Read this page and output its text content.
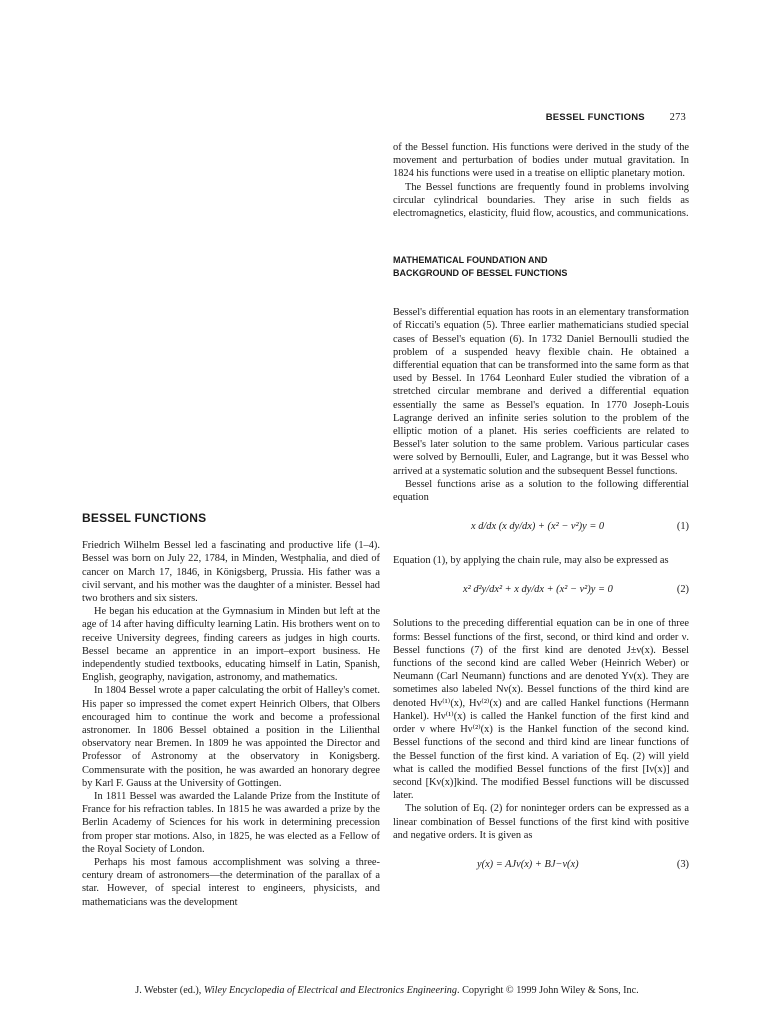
BESSEL FUNCTIONS 273
BESSEL FUNCTIONS

Friedrich Wilhelm Bessel led a fascinating and productive life (1–4). Bessel was born on July 22, 1784, in Minden, Westphalia, and died of cancer on March 17, 1846, in Königsberg, Prussia. His father was a civil servant, and his mother was the daughter of a minister. Bessel had two brothers and six sisters.

He began his education at the Gymnasium in Minden but left at the age of 14 after having difficulty learning Latin. His brothers went on to receive University degrees, finding careers as judges in high courts. Bessel became an apprentice in an import–export business. He independently studied textbooks, educating himself in Latin, Spanish, English, geography, navigation, astronomy, and mathematics.

In 1804 Bessel wrote a paper calculating the orbit of Halley's comet. His paper so impressed the comet expert Heinrich Olbers, that Olbers encouraged him to continue the work and become a professional astronomer. In 1806 Bessel obtained a position in the Lilienthal observatory near Bremen. In 1809 he was appointed the Director and Professor of Astronomy at the observatory in Konigsberg. Commensurate with the position, he was awarded an honorary degree by Karl F. Gauss at the University of Gottingen.

In 1811 Bessel was awarded the Lalande Prize from the Institute of France for his refraction tables. In 1815 he was awarded a prize by the Berlin Academy of Sciences for his work in determining precession from proper star motions. Also, in 1825, he was elected as a Fellow of the Royal Society of London.

Perhaps his most famous accomplishment was solving a three-century dream of astronomers—the determination of the parallax of a star. However, of special interest to engineers, physicists, and mathematicians was the development

of the Bessel function. His functions were derived in the study of the movement and perturbation of bodies under mutual gravitation. In 1824 his functions were used in a treatise on elliptic planetary motion.

The Bessel functions are frequently found in problems involving circular cylindrical boundaries. They arise in such fields as electromagnetics, elasticity, fluid flow, acoustics, and communications.

MATHEMATICAL FOUNDATION AND
BACKGROUND OF BESSEL FUNCTIONS

Bessel's differential equation has roots in an elementary transformation of Riccati's equation (5). Three earlier mathematicians studied special cases of Bessel's equation (6). In 1732 Daniel Bernoulli studied the problem of a suspended heavy flexible chain. He obtained a differential equation that can be transformed into the same form as that used by Bessel. In 1764 Leonhard Euler studied the vibration of a stretched circular membrane and derived a differential equation essentially the same as Bessel's equation. In 1770 Joseph-Louis Lagrange derived an infinite series solution to the problem of the elliptic motion of a planet. His series coefficients are related to Bessel's later solution to the same problem. Various particular cases were solved by Bernoulli, Euler, and Lagrange, but it was Bessel who arrived at a systematic solution and the subsequent Bessel functions.

Bessel functions arise as a solution to the following differential equation

x d/dx (x dy/dx) + (x² − ν²)y = 0	(1)

Equation (1), by applying the chain rule, may also be expressed as

x² d²y/dx² + x dy/dx + (x² − ν²)y = 0	(2)

Solutions to the preceding differential equation can be in one of three forms: Bessel functions of the first, second, or third kind and order ν. Bessel functions (7) of the first kind are denoted J±ν(x). Bessel functions of the second kind are called Weber (Heinrich Weber) or Neumann (Carl Neumann) functions and are denoted Yν(x). They are sometimes also labeled Nν(x). Bessel functions of the third kind are denoted Hν⁽¹⁾(x), Hν⁽²⁾(x) and are called Hankel functions (Hermann Hankel). Hν⁽¹⁾(x) is called the Hankel function of the first kind and order ν where Hν⁽²⁾(x) is the Hankel function of the second kind. Bessel functions of the second and third kind are linear functions of the Bessel function of the first kind. A variation of Eq. (2) will yield what is called the modified Bessel functions of the first [Iν(x)] and second [Kν(x)]kind. The modified Bessel functions will be discussed later.

The solution of Eq. (2) for noninteger orders can be expressed as a linear combination of Bessel functions of the first kind with positive and negative orders. It is given as

y(x) = AJν(x) + BJ−ν(x)	(3)
J. Webster (ed.), Wiley Encyclopedia of Electrical and Electronics Engineering. Copyright © 1999 John Wiley & Sons, Inc.
